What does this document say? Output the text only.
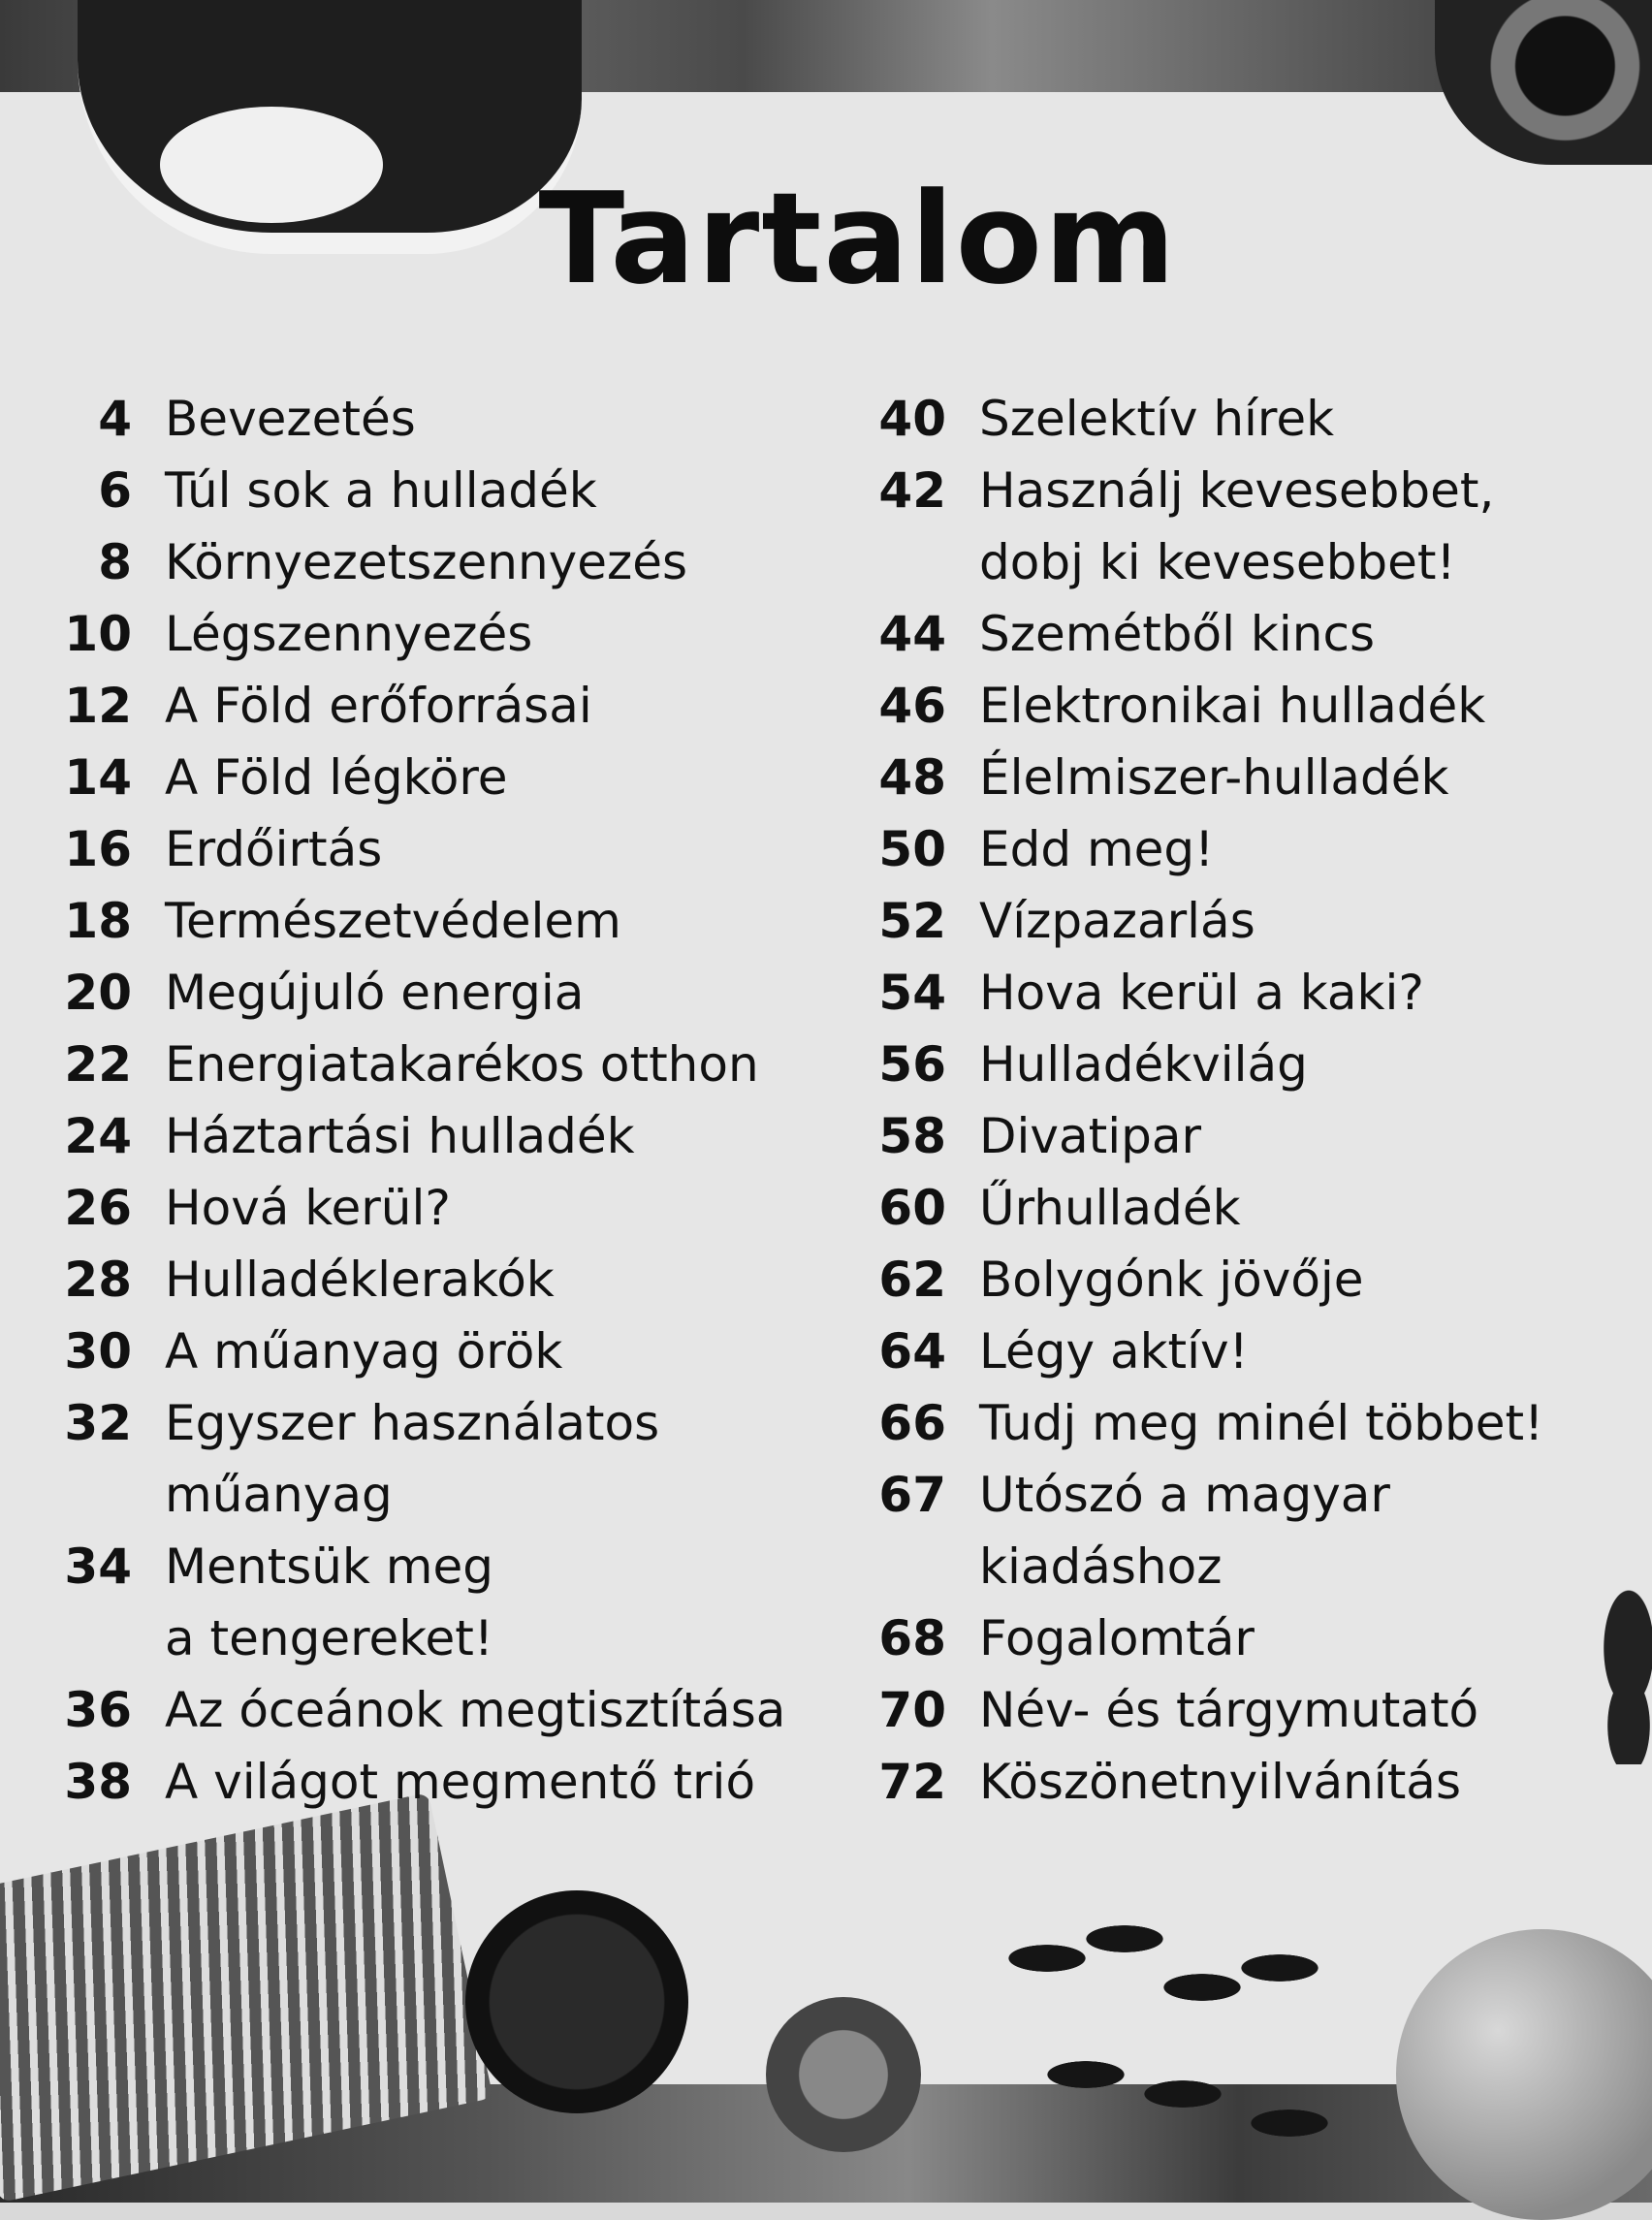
Tartalom
4 Bevezetés
6 Túl sok a hulladék
8 Környezetszennyezés
10 Légszennyezés
12 A Föld erőforrásai
14 A Föld légköre
16 Erdőirtás
18 Természetvédelem
20 Megújuló energia
22 Energiatakarékos otthon
24 Háztartási hulladék
26 Hová kerül?
28 Hulladéklerakók
30 A műanyag örök
32 Egyszer használatos
műanyag
34 Mentsük meg
a tengereket!
36 Az óceánok megtisztítása
38 A világot megmentő trió
40 Szelektív hírek
42 Használj kevesebbet,
dobj ki kevesebbet!
44 Szemétből kincs
46 Elektronikai hulladék
48 Élelmiszer-hulladék
50 Edd meg!
52 Vízpazarlás
54 Hova kerül a kaki?
56 Hulladékvilág
58 Divatipar
60 Űrhulladék
62 Bolygónk jövője
64 Légy aktív!
66 Tudj meg minél többet!
67 Utószó a magyar
kiadáshoz
68 Fogalomtár
70 Név- és tárgymutató
72 Köszönetnyilvánítás
